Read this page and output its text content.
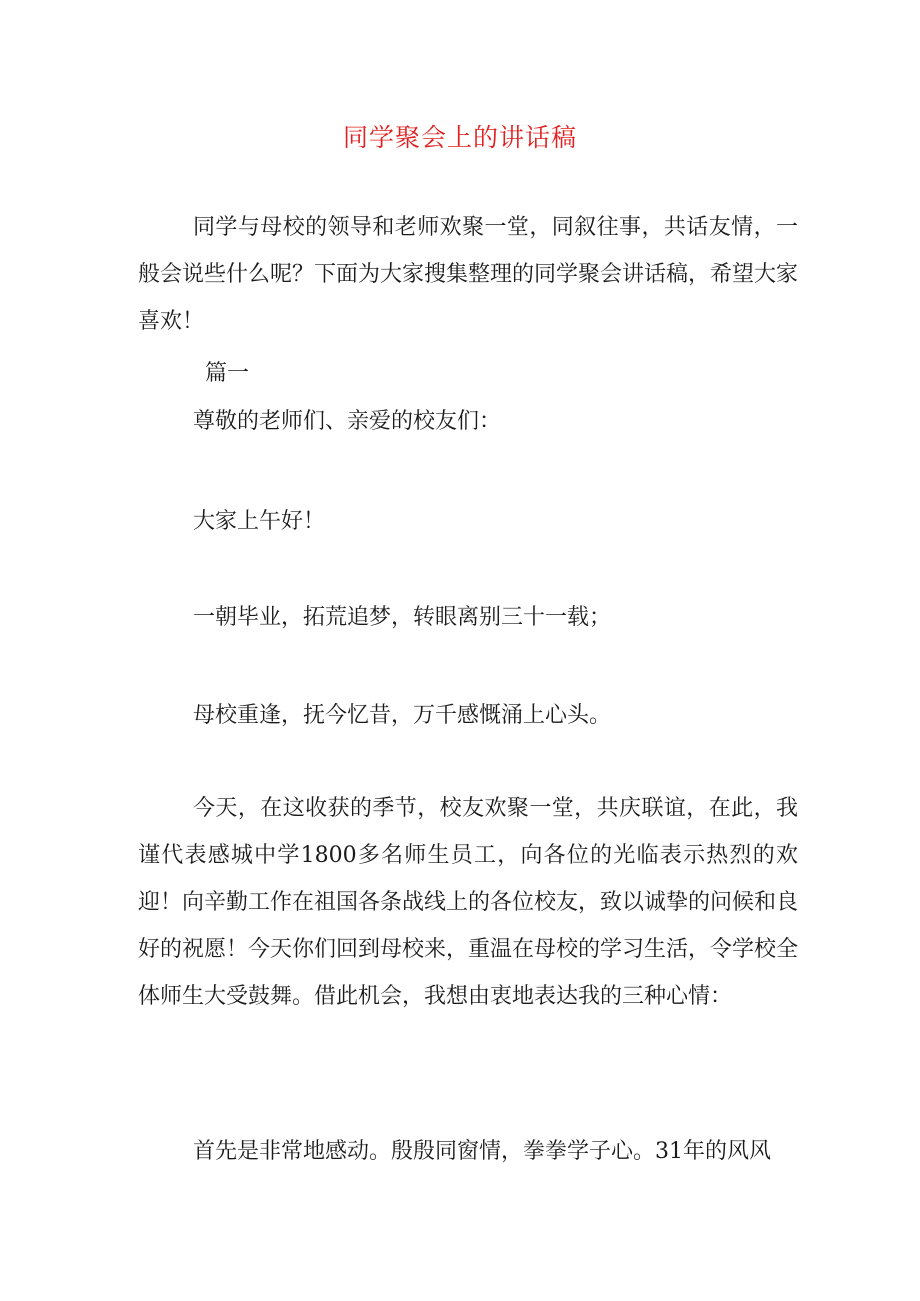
同学聚会上的讲话稿

同学与母校的领导和老师欢聚一堂，同叙往事，共话友情，一般会说些什么呢？下面为大家搜集整理的同学聚会讲话稿，希望大家喜欢！

篇一

尊敬的老师们、亲爱的校友们：

大家上午好！

一朝毕业，拓荒追梦，转眼离别三十一载；

母校重逢，抚今忆昔，万千感慨涌上心头。

今天，在这收获的季节，校友欢聚一堂，共庆联谊，在此，我谨代表感城中学1800多名师生员工，向各位的光临表示热烈的欢迎！向辛勤工作在祖国各条战线上的各位校友，致以诚挚的问候和良好的祝愿！今天你们回到母校来，重温在母校的学习生活，令学校全体师生大受鼓舞。借此机会，我想由衷地表达我的三种心情：

首先是非常地感动。殷殷同窗情，拳拳学子心。31年的风风
